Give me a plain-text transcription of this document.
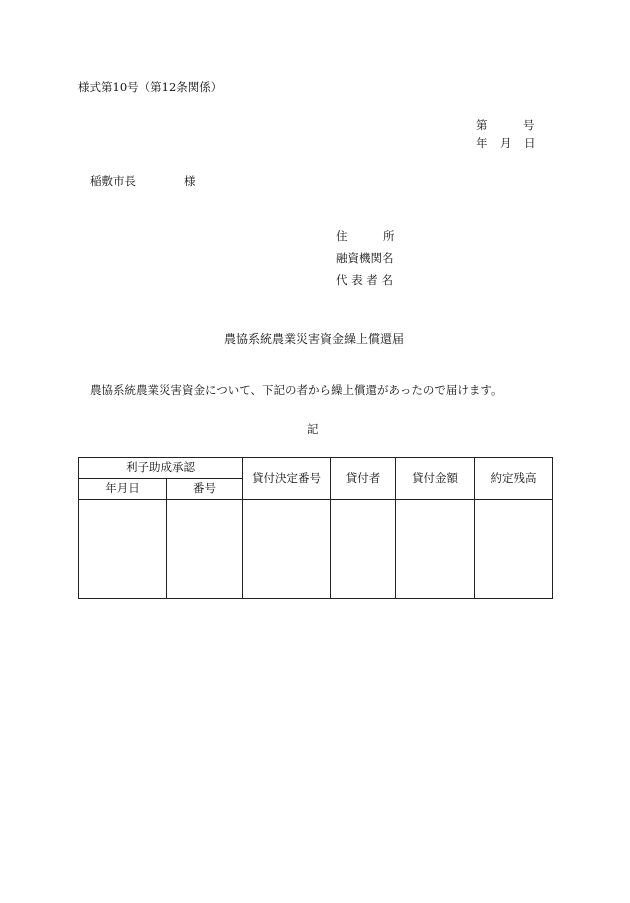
様式第10号（第12条関係）
第	号
年 月 日
稲敷市長	様
住	所
融資機関名
代 表 者 名
農協系統農業災害資金繰上償還届
農協系統農業災害資金について、下記の者から繰上償還があったので届けます。
記
利子助成承認		貸付決定番号	貸付者	貸付金額	約定残高
年月日	番号				
